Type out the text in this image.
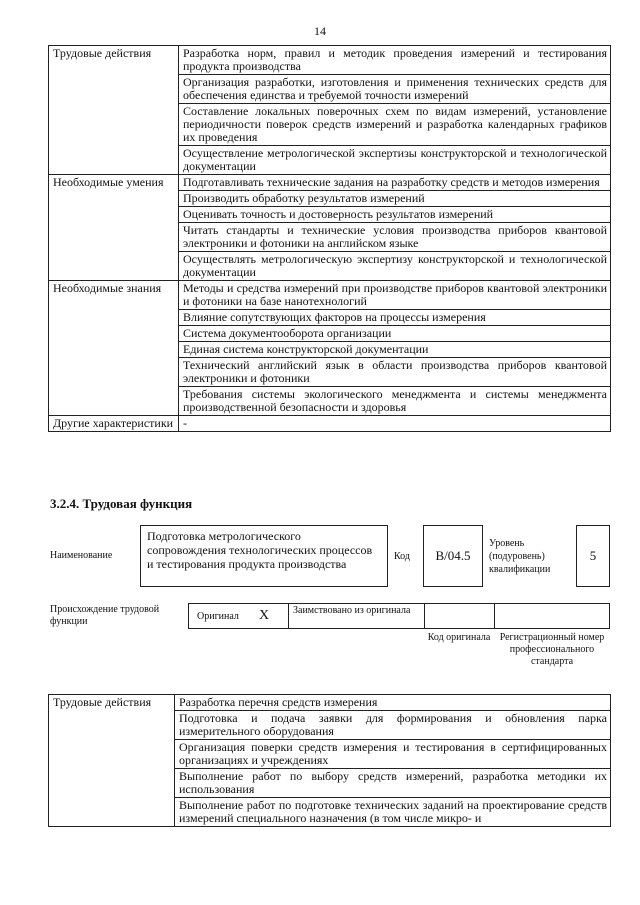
14
Трудовые действия	Разработка норм, правил и методик проведения измерений и тестирования продукта производства
	Организация разработки, изготовления и применения технических средств для обеспечения единства и требуемой точности измерений
	Составление локальных поверочных схем по видам измерений, установление периодичности поверок средств измерений и разработка календарных графиков их проведения
	Осуществление метрологической экспертизы конструкторской и технологической документации
Необходимые умения	Подготавливать технические задания на разработку средств и методов измерения
	Производить обработку результатов измерений
	Оценивать точность и достоверность результатов измерений
	Читать стандарты и технические условия производства приборов квантовой электроники и фотоники на английском языке
	Осуществлять метрологическую экспертизу конструкторской и технологической документации
Необходимые знания	Методы и средства измерений при производстве приборов квантовой электроники и фотоники на базе нанотехнологий
	Влияние сопутствующих факторов на процессы измерения
	Система документооборота организации
	Единая система конструкторской документации
	Технический английский язык в области производства приборов квантовой электроники и фотоники
	Требования системы экологического менеджмента и системы менеджмента производственной безопасности и здоровья
Другие характеристики	-
3.2.4. Трудовая функция
Наименование
Подготовка метрологического сопровождения технологических процессов и тестирования продукта производства
Код	В/04.5
Уровень (подуровень) квалификации
5
Происхождение трудовой функции	Оригинал X Заимствовано из оригинала
Код оригинала Регистрационный номер профессионального стандарта
Трудовые действия	Разработка перечня средств измерения
Подготовка и подача заявки для формирования и обновления парка измерительного оборудования
Организация поверки средств измерения и тестирования в сертифицированных организациях и учреждениях
Выполнение работ по выбору средств измерений, разработка методики их использования
Выполнение работ по подготовке технических заданий на проектирование средств измерений специального назначения (в том числе микро- и
